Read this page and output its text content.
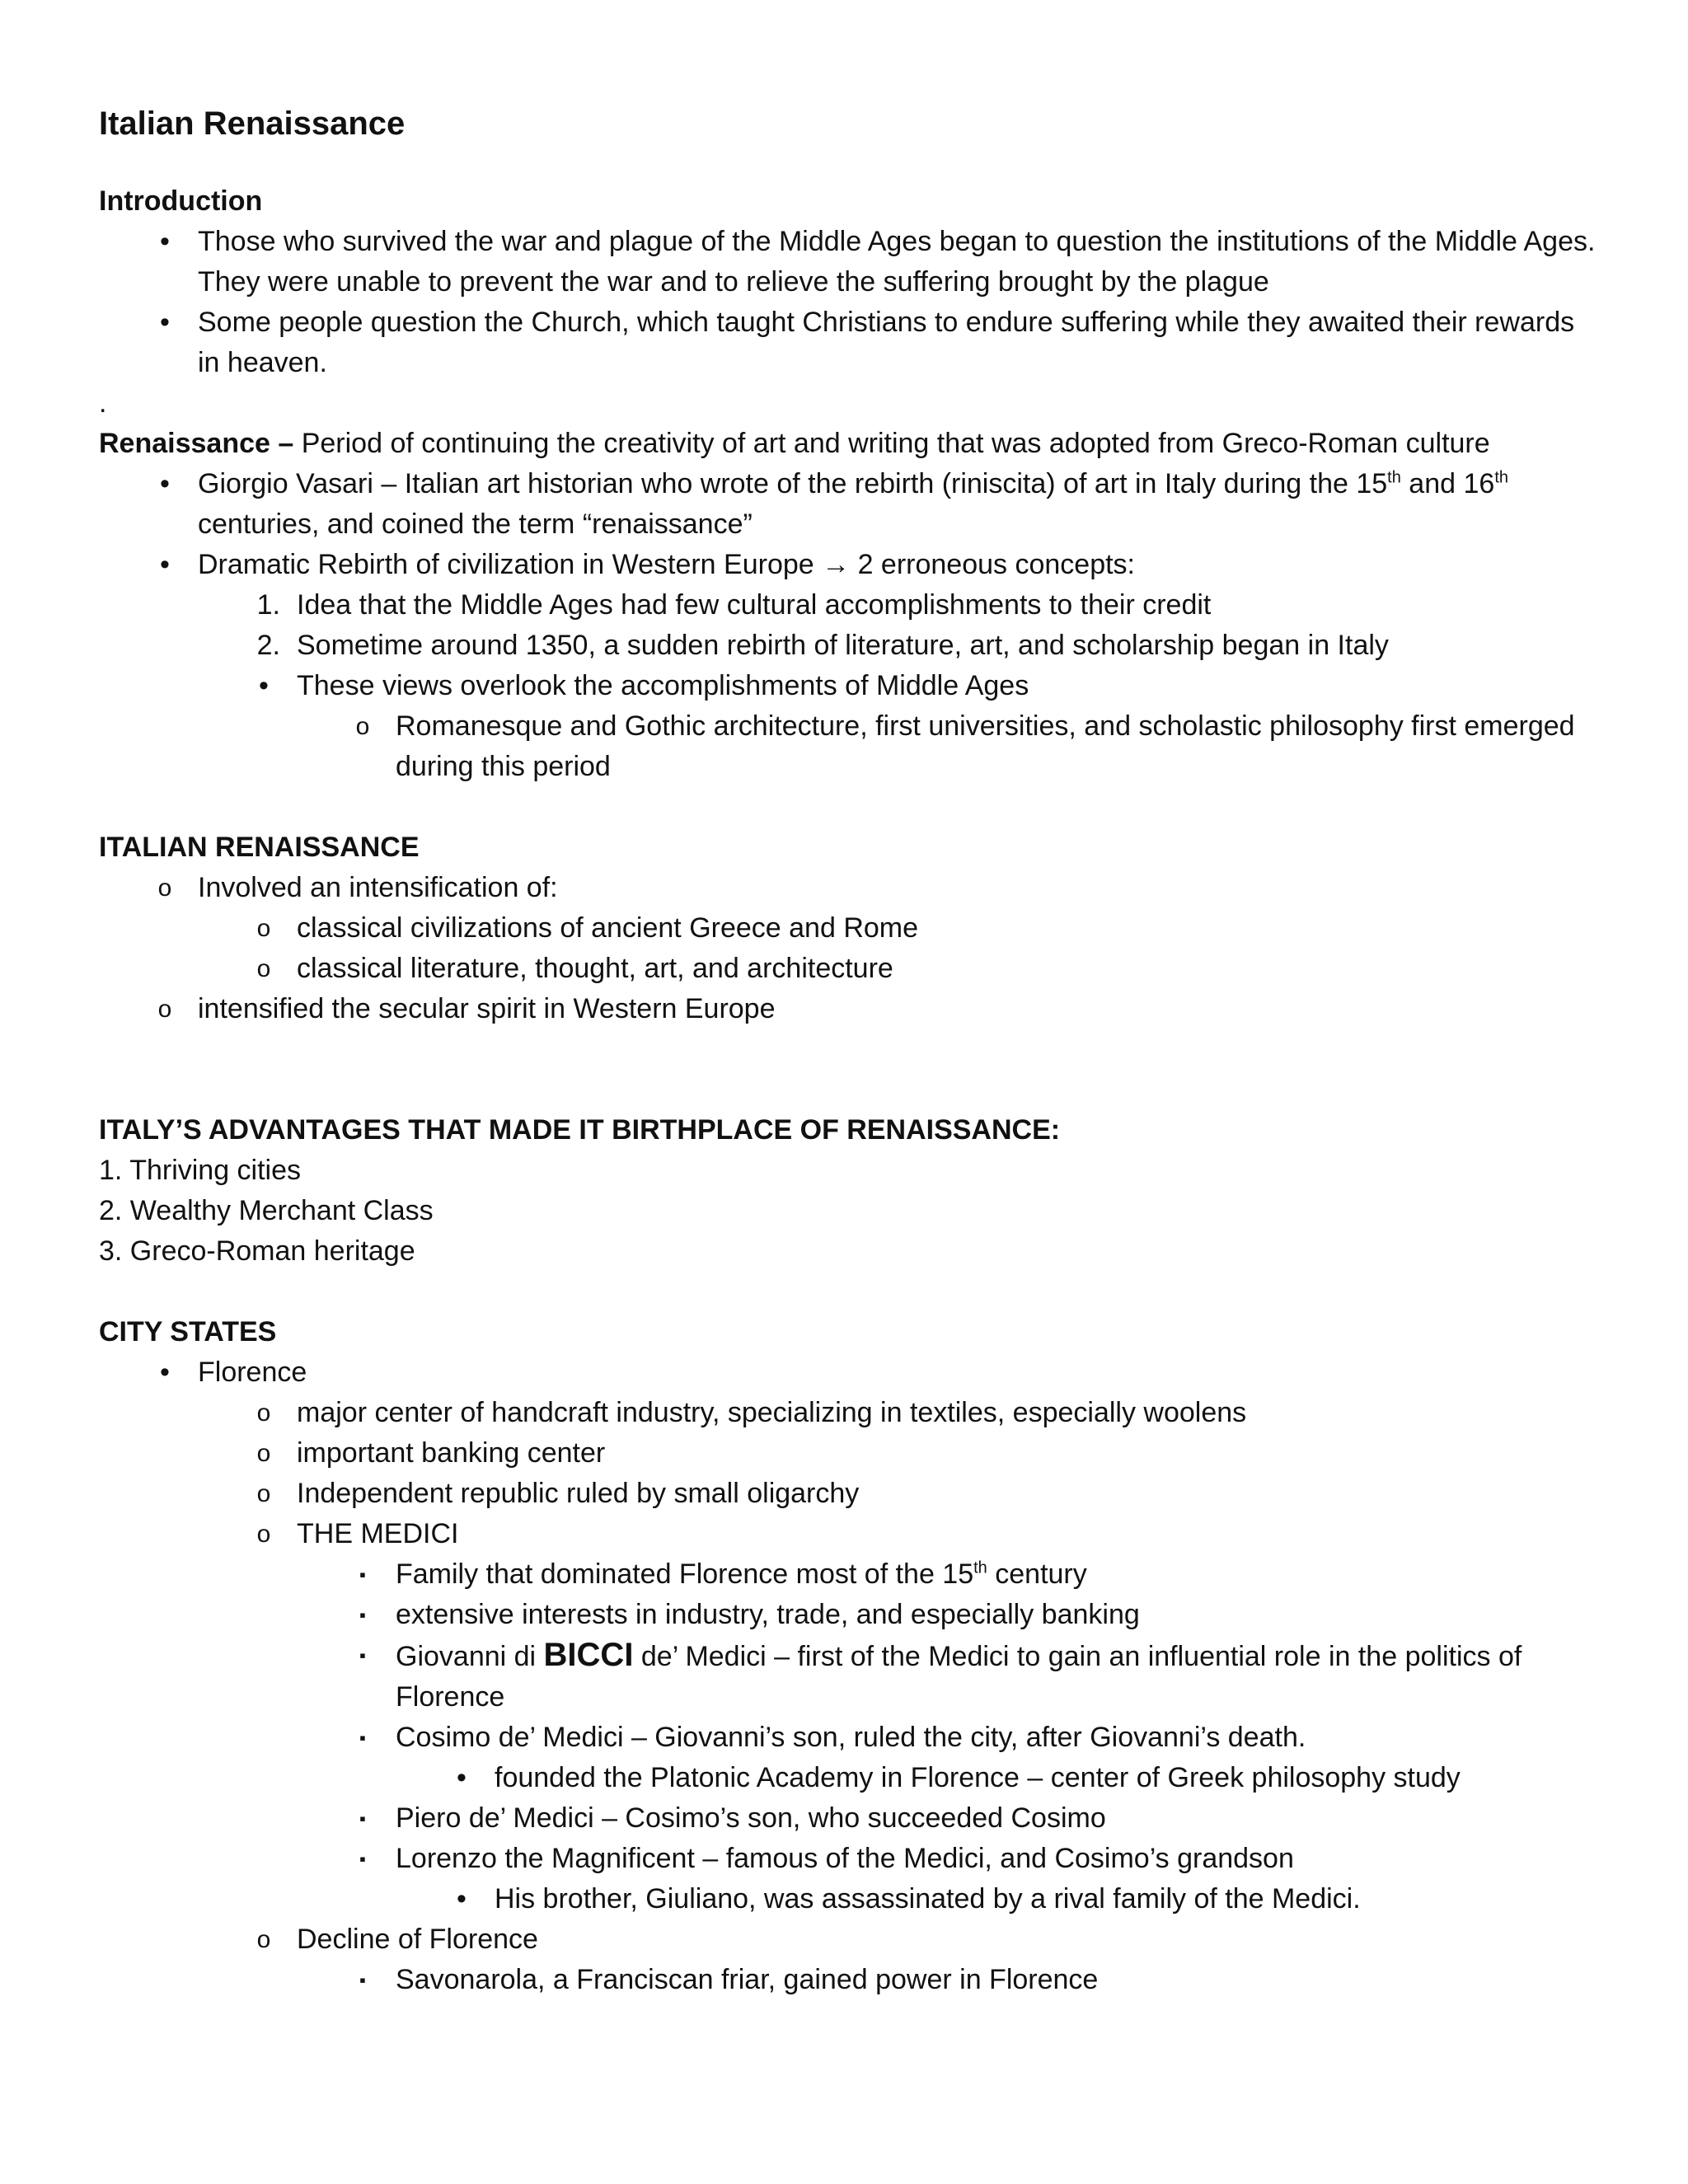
Italian Renaissance
Introduction
•	Those who survived the war and plague of the Middle Ages began to question the institutions of the Middle Ages. They were unable to prevent the war and to relieve the suffering brought by the plague
•	Some people question the Church, which taught Christians to endure suffering while they awaited their rewards in heaven.
.
Renaissance – Period of continuing the creativity of art and writing that was adopted from Greco-Roman culture
•	Giorgio Vasari – Italian art historian who wrote of the rebirth (riniscita) of art in Italy during the 15th and 16th centuries, and coined the term “renaissance”
•	Dramatic Rebirth of civilization in Western Europe → 2 erroneous concepts:
1. Idea that the Middle Ages had few cultural accomplishments to their credit
2. Sometime around 1350, a sudden rebirth of literature, art, and scholarship began in Italy
•	These views overlook the accomplishments of Middle Ages
o Romanesque and Gothic architecture, first universities, and scholastic philosophy first emerged during this period
ITALIAN RENAISSANCE
o Involved an intensification of:
o classical civilizations of ancient Greece and Rome
o classical literature, thought, art, and architecture
o intensified the secular spirit in Western Europe
ITALY’S ADVANTAGES THAT MADE IT BIRTHPLACE OF RENAISSANCE:
1. Thriving cities
2. Wealthy Merchant Class
3. Greco-Roman heritage
CITY STATES
•	Florence
o major center of handcraft industry, specializing in textiles, especially woolens
o important banking center
o Independent republic ruled by small oligarchy
o THE MEDICI
▪	Family that dominated Florence most of the 15th century
▪	extensive interests in industry, trade, and especially banking
▪	Giovanni di BICCI de’ Medici – first of the Medici to gain an influential role in the politics of Florence
▪	Cosimo de’ Medici – Giovanni’s son, ruled the city, after Giovanni’s death.
•	founded the Platonic Academy in Florence – center of Greek philosophy study
▪	Piero de’ Medici – Cosimo’s son, who succeeded Cosimo
▪	Lorenzo the Magnificent – famous of the Medici, and Cosimo’s grandson
•	His brother, Giuliano, was assassinated by a rival family of the Medici.
o Decline of Florence
▪	Savonarola, a Franciscan friar, gained power in Florence
